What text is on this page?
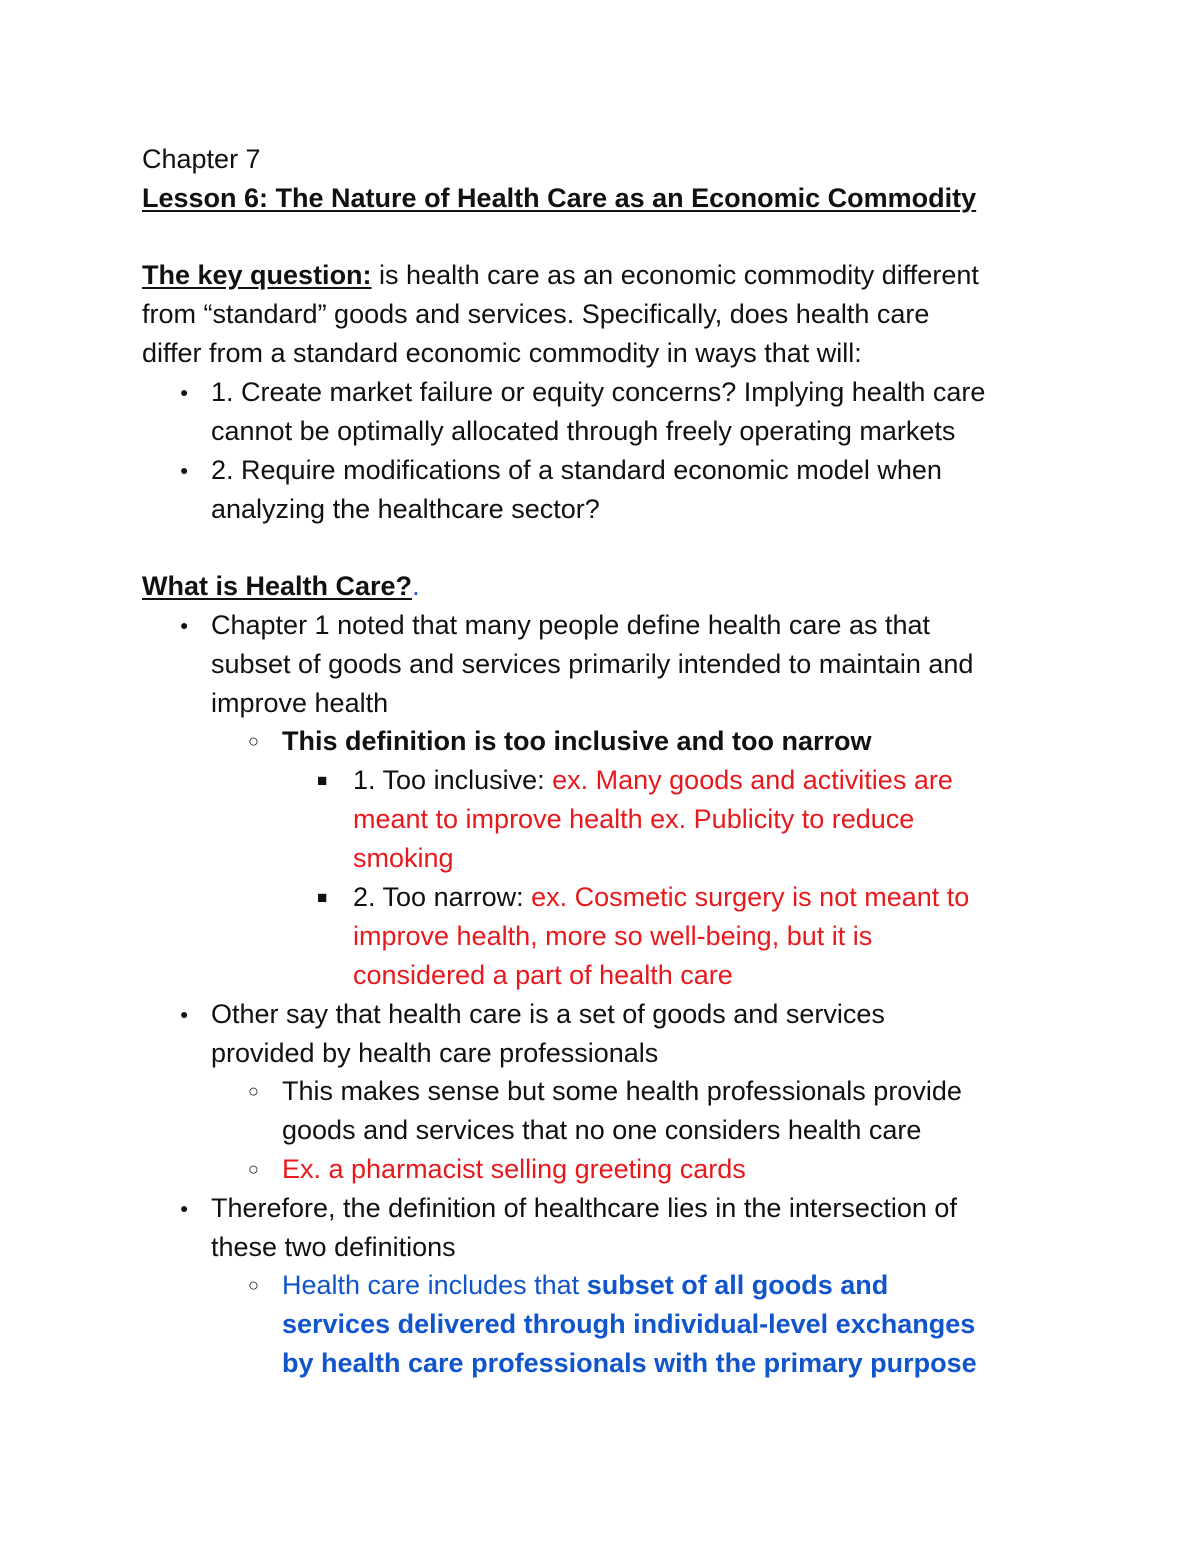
Chapter 7
Lesson 6: The Nature of Health Care as an Economic Commodity
The key question: is health care as an economic commodity different
from “standard” goods and services. Specifically, does health care
differ from a standard economic commodity in ways that will:
● 1. Create market failure or equity concerns? Implying health care
cannot be optimally allocated through freely operating markets
● 2. Require modifications of a standard economic model when
analyzing the healthcare sector?
What is Health Care?.
● Chapter 1 noted that many people define health care as that
subset of goods and services primarily intended to maintain and
improve health
○ This definition is too inclusive and too narrow
■ 1. Too inclusive: ex. Many goods and activities are
meant to improve health ex. Publicity to reduce
smoking
■ 2. Too narrow: ex. Cosmetic surgery is not meant to
improve health, more so well-being, but it is
considered a part of health care
● Other say that health care is a set of goods and services
provided by health care professionals
○ This makes sense but some health professionals provide
goods and services that no one considers health care
○ Ex. a pharmacist selling greeting cards
● Therefore, the definition of healthcare lies in the intersection of
these two definitions
○ Health care includes that subset of all goods and
services delivered through individual-level exchanges
by health care professionals with the primary purpose
